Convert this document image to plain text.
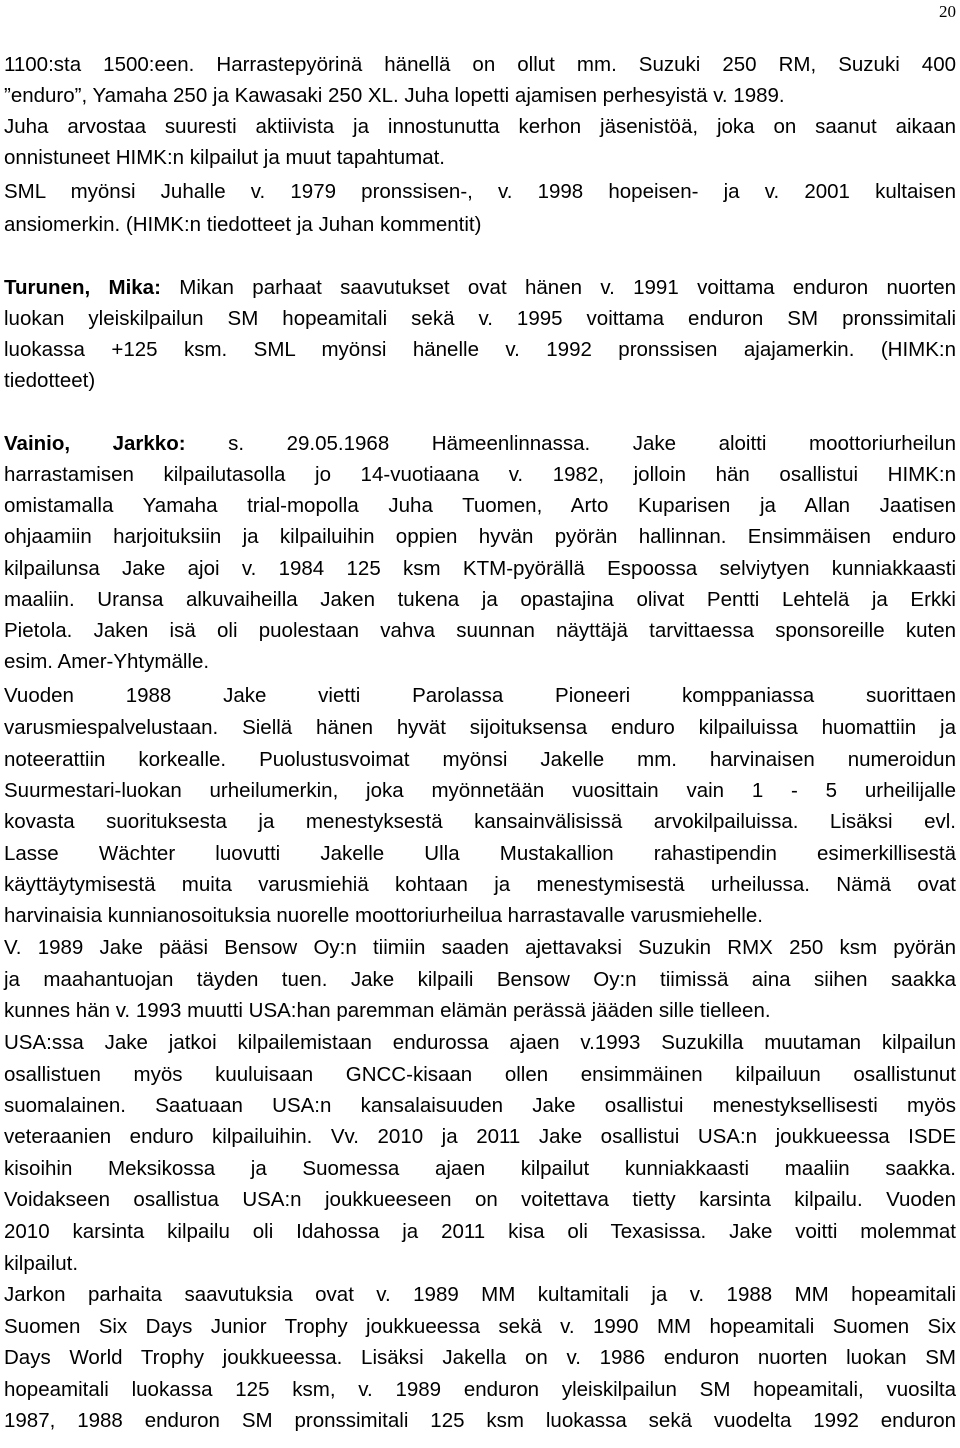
20
1100:sta 1500:een. Harrastepyörinä hänellä on ollut mm. Suzuki 250 RM, Suzuki 400
”enduro”, Yamaha 250 ja Kawasaki 250 XL. Juha lopetti ajamisen perhesyistä v. 1989.
Juha arvostaa suuresti aktiivista ja innostunutta kerhon jäsenistöä, joka on saanut aikaan
onnistuneet HIMK:n kilpailut ja muut tapahtumat.
SML myönsi Juhalle v. 1979 pronssisen-, v. 1998 hopeisen- ja v. 2001 kultaisen
ansiomerkin. (HIMK:n tiedotteet ja Juhan kommentit)
Turunen, Mika: Mikan parhaat saavutukset ovat hänen v. 1991 voittama enduron nuorten
luokan yleiskilpailun SM hopeamitali sekä v. 1995 voittama enduron SM pronssimitali
luokassa +125 ksm. SML myönsi hänelle v. 1992 pronssisen ajajamerkin. (HIMK:n
tiedotteet)
Vainio, Jarkko: s. 29.05.1968 Hämeenlinnassa. Jake aloitti moottoriurheilun
harrastamisen kilpailutasolla jo 14-vuotiaana v. 1982, jolloin hän osallistui HIMK:n
omistamalla Yamaha trial-mopolla Juha Tuomen, Arto Kuparisen ja Allan Jaatisen
ohjaamiin harjoituksiin ja kilpailuihin oppien hyvän pyörän hallinnan. Ensimmäisen enduro
kilpailunsa Jake ajoi v. 1984 125 ksm KTM-pyörällä Espoossa selviytyen kunniakkaasti
maaliin. Uransa alkuvaiheilla Jaken tukena ja opastajina olivat Pentti Lehtelä ja Erkki
Pietola. Jaken isä oli puolestaan vahva suunnan näyttäjä tarvittaessa sponsoreille kuten
esim. Amer-Yhtymälle.
Vuoden 1988 Jake vietti Parolassa Pioneeri komppaniassa suorittaen
varusmiespalvelustaan. Siellä hänen hyvät sijoituksensa enduro kilpailuissa huomattiin ja
noteerattiin korkealle. Puolustusvoimat myönsi Jakelle mm. harvinaisen numeroidun
Suurmestari-luokan urheilumerkin, joka myönnetään vuosittain vain 1 - 5 urheilijalle
kovasta suorituksesta ja menestyksestä kansainvälisissä arvokilpailuissa. Lisäksi evl.
Lasse Wächter luovutti Jakelle Ulla Mustakallion rahastipendin esimerkillisestä
käyttäytymisestä muita varusmiehiä kohtaan ja menestymisestä urheilussa. Nämä ovat
harvinaisia kunnianosoituksia nuorelle moottoriurheilua harrastavalle varusmiehelle.
V. 1989 Jake pääsi Bensow Oy:n tiimiin saaden ajettavaksi Suzukin RMX 250 ksm pyörän
ja maahantuojan täyden tuen. Jake kilpaili Bensow Oy:n tiimissä aina siihen saakka
kunnes hän v. 1993 muutti USA:han paremman elämän perässä jääden sille tielleen.
USA:ssa Jake jatkoi kilpailemistaan endurossa ajaen v.1993 Suzukilla muutaman kilpailun
osallistuen myös kuuluisaan GNCC-kisaan ollen ensimmäinen kilpailuun osallistunut
suomalainen. Saatuaan USA:n kansalaisuuden Jake osallistui menestyksellisesti myös
veteraanien enduro kilpailuihin. Vv. 2010 ja 2011 Jake osallistui USA:n joukkueessa ISDE
kisoihin Meksikossa ja Suomessa ajaen kilpailut kunniakkaasti maaliin saakka.
Voidakseen osallistua USA:n joukkueeseen on voitettava tietty karsinta kilpailu. Vuoden
2010 karsinta kilpailu oli Idahossa ja 2011 kisa oli Texasissa. Jake voitti molemmat
kilpailut.
Jarkon parhaita saavutuksia ovat v. 1989 MM kultamitali ja v. 1988 MM hopeamitali
Suomen Six Days Junior Trophy joukkueessa sekä v. 1990 MM hopeamitali Suomen Six
Days World Trophy joukkueessa. Lisäksi Jakella on v. 1986 enduron nuorten luokan SM
hopeamitali luokassa 125 ksm, v. 1989 enduron yleiskilpailun SM hopeamitali, vuosilta
1987, 1988 enduron SM pronssimitali 125 ksm luokassa sekä vuodelta 1992 enduron
